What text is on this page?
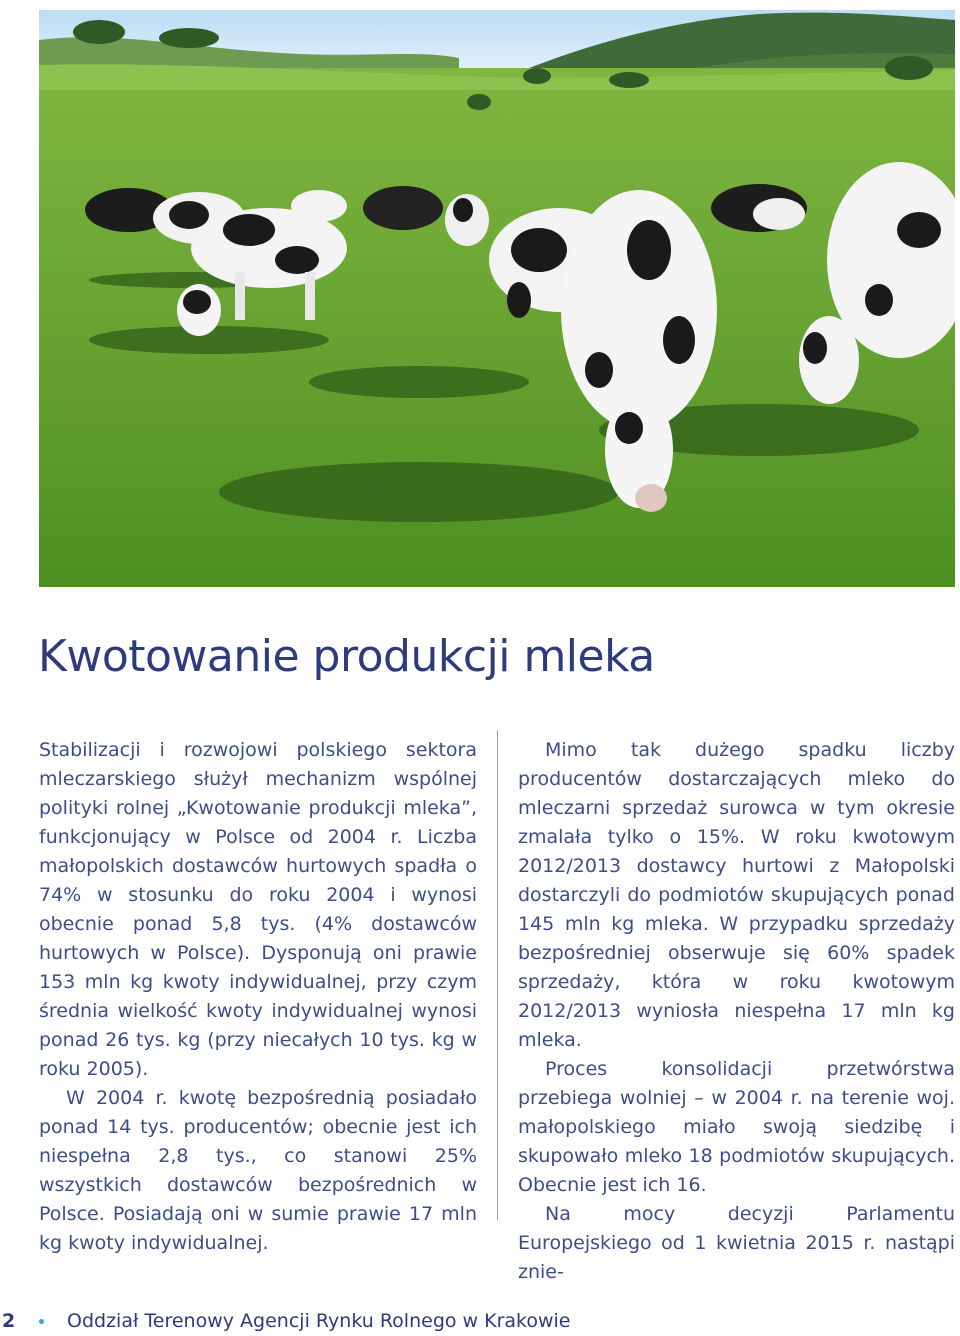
Kwotowanie produkcji mleka

Stabilizacji i rozwojowi polskiego sektora mleczarskiego służył mechanizm wspólnej polityki rolnej „Kwotowanie produkcji mleka”, funkcjonujący w Polsce od 2004 r. Liczba małopolskich dostawców hurtowych spadła o 74% w stosunku do roku 2004 i wynosi obecnie ponad 5,8 tys. (4% dostawców hurtowych w Polsce). Dysponują oni prawie 153 mln kg kwoty indywidualnej, przy czym średnia wielkość kwoty indywidualnej wynosi ponad 26 tys. kg (przy niecałych 10 tys. kg w roku 2005).

W 2004 r. kwotę bezpośrednią posiadało ponad 14 tys. producentów; obecnie jest ich niespełna 2,8 tys., co stanowi 25% wszystkich dostawców bezpośrednich w Polsce. Posiadają oni w sumie prawie 17 mln kg kwoty indywidualnej.

Mimo tak dużego spadku liczby producentów dostarczających mleko do mleczarni sprzedaż surowca w tym okresie zmalała tylko o 15%. W roku kwotowym 2012/2013 dostawcy hurtowi z Małopolski dostarczyli do podmiotów skupujących ponad 145 mln kg mleka. W przypadku sprzedaży bezpośredniej obserwuje się 60% spadek sprzedaży, która w roku kwotowym 2012/2013 wyniosła niespełna 17 mln kg mleka.

Proces konsolidacji przetwórstwa przebiega wolniej – w 2004 r. na terenie woj. małopolskiego miało swoją siedzibę i skupowało mleko 18 podmiotów skupujących. Obecnie jest ich 16.

Na mocy decyzji Parlamentu Europejskiego od 1 kwietnia 2015 r. nastąpi znie-

2	Oddział Terenowy Agencji Rynku Rolnego w Krakowie
